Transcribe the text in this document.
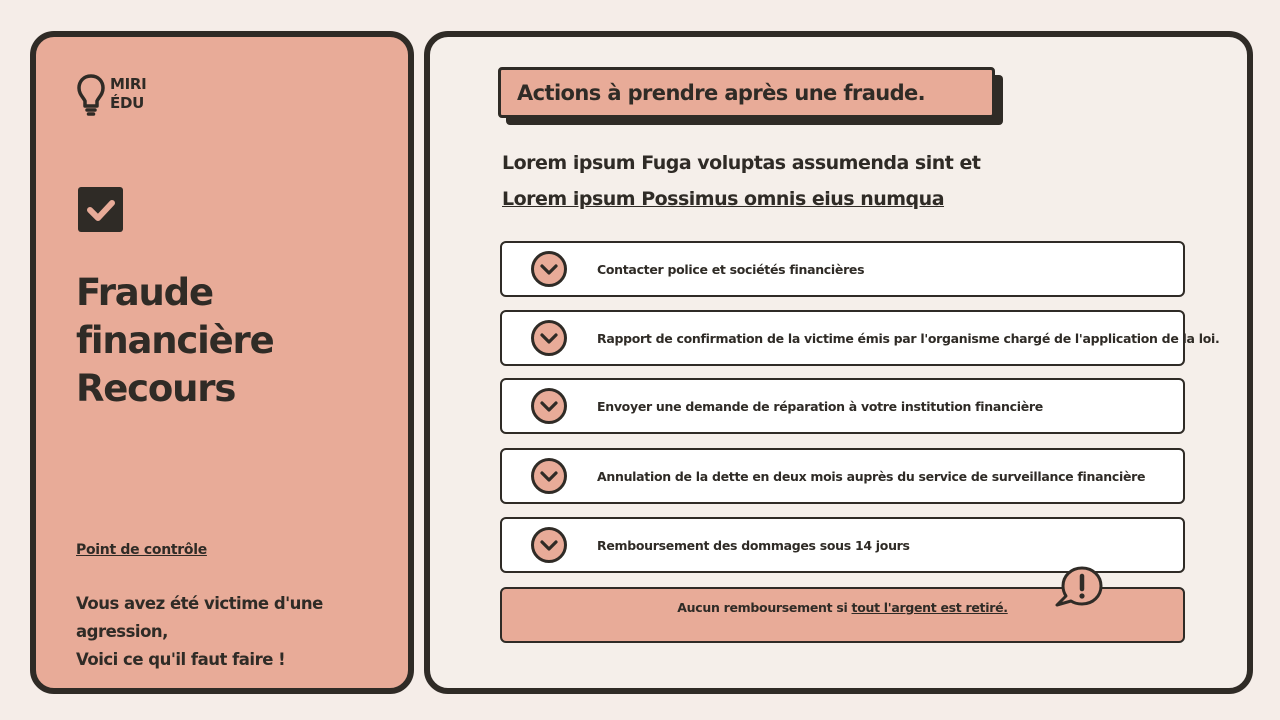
MIRI
ÉDU
Fraude financière
Recours
Point de contrôle
Vous avez été victime d'une agression,
Voici ce qu'il faut faire !
Actions à prendre après une fraude.
Lorem ipsum Fuga voluptas assumenda sint et
Lorem ipsum Possimus omnis eius numqua
Contacter police et sociétés financières
Rapport de confirmation de la victime émis par l'organisme chargé de l'application de la loi.
Envoyer une demande de réparation à votre institution financière
Annulation de la dette en deux mois auprès du service de surveillance financière
Remboursement des dommages sous 14 jours
Aucun remboursement si tout l'argent est retiré.
